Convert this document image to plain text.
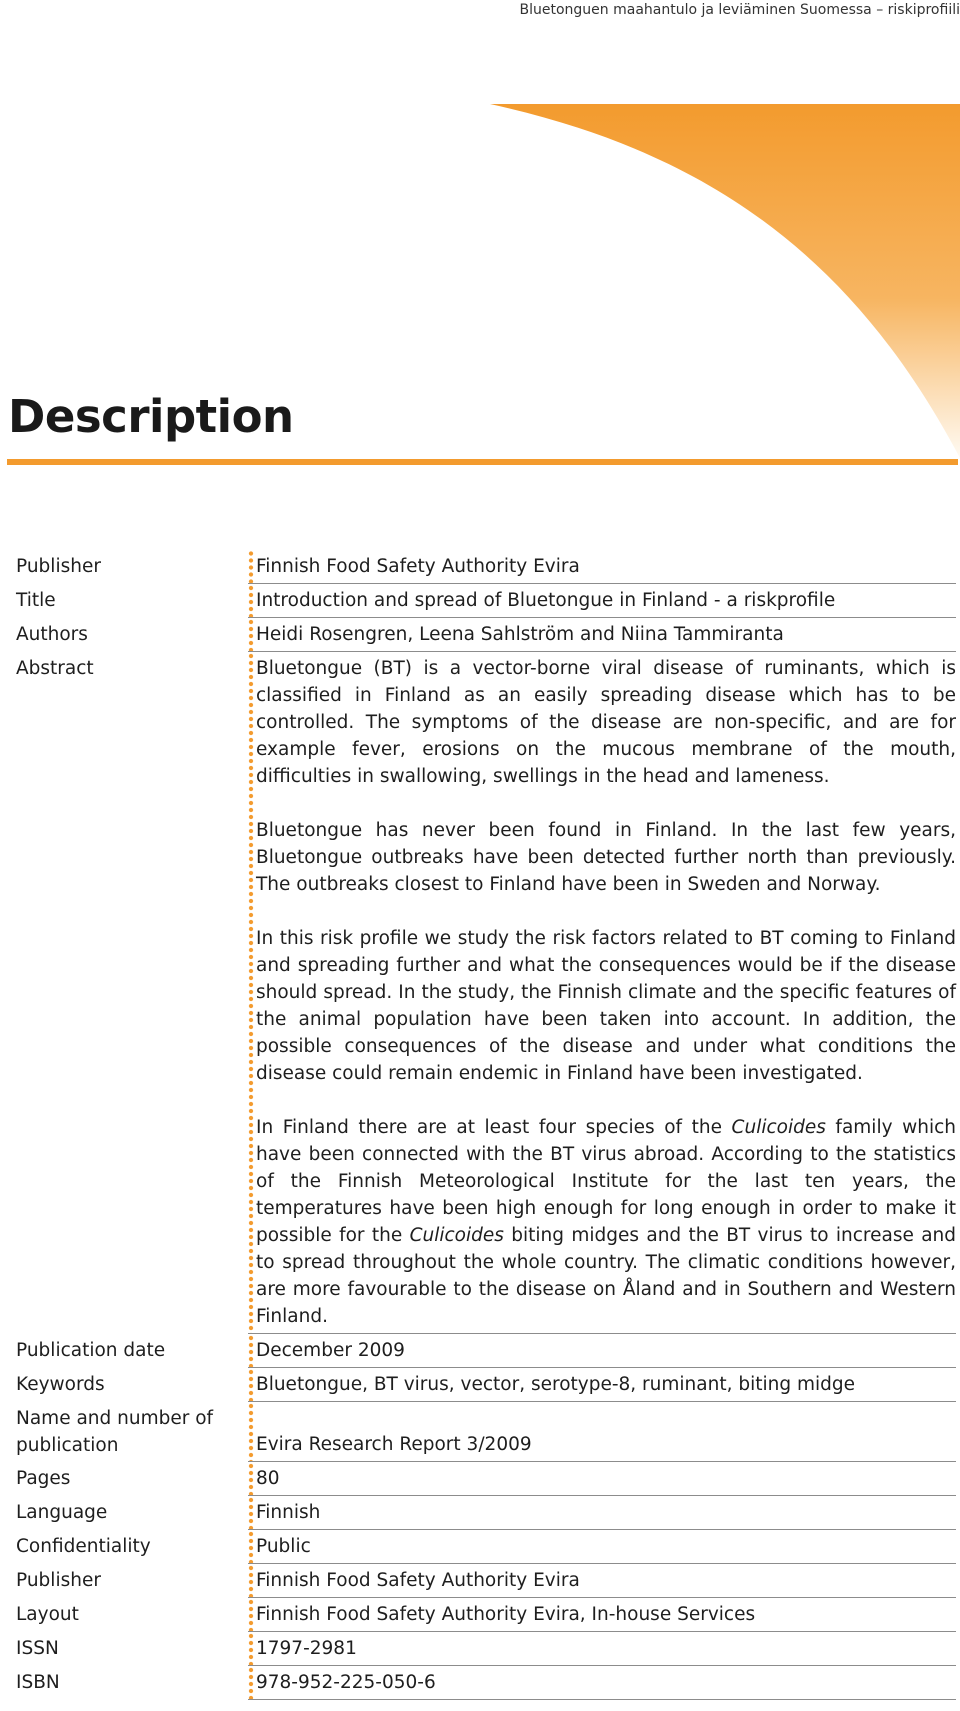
Bluetonguen maahantulo ja leviäminen Suomessa – riskiprofiili
Description
Publisher	Finnish Food Safety Authority Evira
Title	Introduction and spread of Bluetongue in Finland - a riskprofile
Authors	Heidi Rosengren, Leena Sahlström and Niina Tammiranta
Abstract	Bluetongue (BT) is a vector-borne viral disease of ruminants, which is classified in Finland as an easily spreading disease which has to be controlled. The symptoms of the disease are non-specific, and are for example fever, erosions on the mucous membrane of the mouth, difficulties in swallowing, swellings in the head and lameness.

Bluetongue has never been found in Finland. In the last few years, Bluetongue outbreaks have been detected further north than previously. The outbreaks closest to Finland have been in Sweden and Norway.

In this risk profile we study the risk factors related to BT coming to Finland and spreading further and what the consequences would be if the disease should spread. In the study, the Finnish climate and the specific features of the animal population have been taken into account. In addition, the possible consequences of the disease and under what conditions the disease could remain endemic in Finland have been investigated.

In Finland there are at least four species of the Culicoides family which have been connected with the BT virus abroad. According to the statistics of the Finnish Meteorological Institute for the last ten years, the temperatures have been high enough for long enough in order to make it possible for the Culicoides biting midges and the BT virus to increase and to spread throughout the whole country. The climatic conditions however, are more favourable to the disease on Åland and in Southern and Western Finland.

Publication date	December 2009
Keywords	Bluetongue, BT virus, vector, serotype-8, ruminant, biting midge
Name and number of publication	Evira Research Report 3/2009
Pages	80
Language	Finnish
Confidentiality	Public
Publisher	Finnish Food Safety Authority Evira
Layout	Finnish Food Safety Authority Evira, In-house Services
ISSN	1797-2981
ISBN	978-952-225-050-6
